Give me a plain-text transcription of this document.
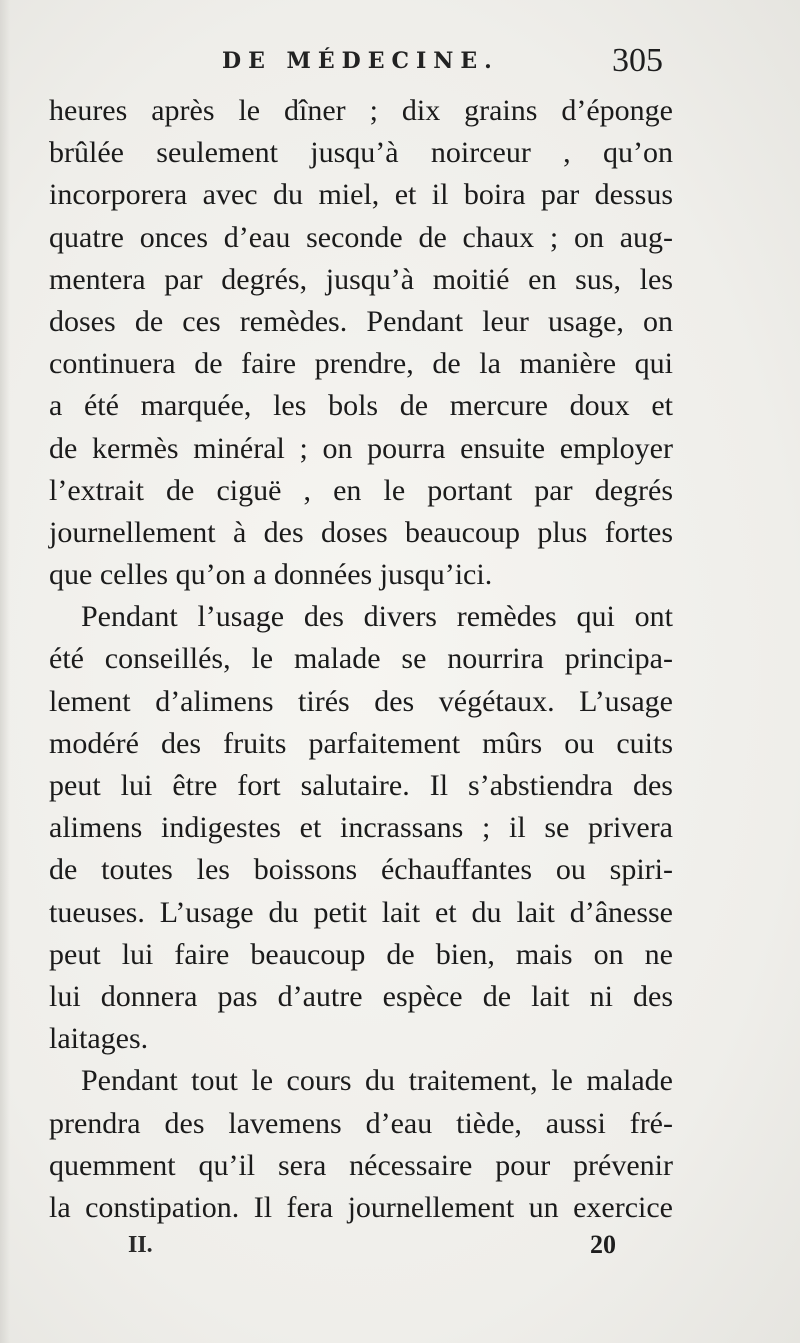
DE MÉDECINE.	305
heures après le dîner ; dix grains d’éponge
brûlée seulement jusqu’à noirceur , qu’on
incorporera avec du miel, et il boira par dessus
quatre onces d’eau seconde de chaux ; on aug-
mentera par degrés, jusqu’à moitié en sus, les
doses de ces remèdes. Pendant leur usage, on
continuera de faire prendre, de la manière qui
a été marquée, les bols de mercure doux et
de kermès minéral ; on pourra ensuite employer
l’extrait de ciguë , en le portant par degrés
journellement à des doses beaucoup plus fortes
que celles qu’on a données jusqu’ici.
Pendant l’usage des divers remèdes qui ont
été conseillés, le malade se nourrira principa-
lement d’alimens tirés des végétaux. L’usage
modéré des fruits parfaitement mûrs ou cuits
peut lui être fort salutaire. Il s’abstiendra des
alimens indigestes et incrassans ; il se privera
de toutes les boissons échauffantes ou spiri-
tueuses. L’usage du petit lait et du lait d’ânesse
peut lui faire beaucoup de bien, mais on ne
lui donnera pas d’autre espèce de lait ni des
laitages.
Pendant tout le cours du traitement, le malade
prendra des lavemens d’eau tiède, aussi fré-
quemment qu’il sera nécessaire pour prévenir
la constipation. Il fera journellement un exercice
II.	20
